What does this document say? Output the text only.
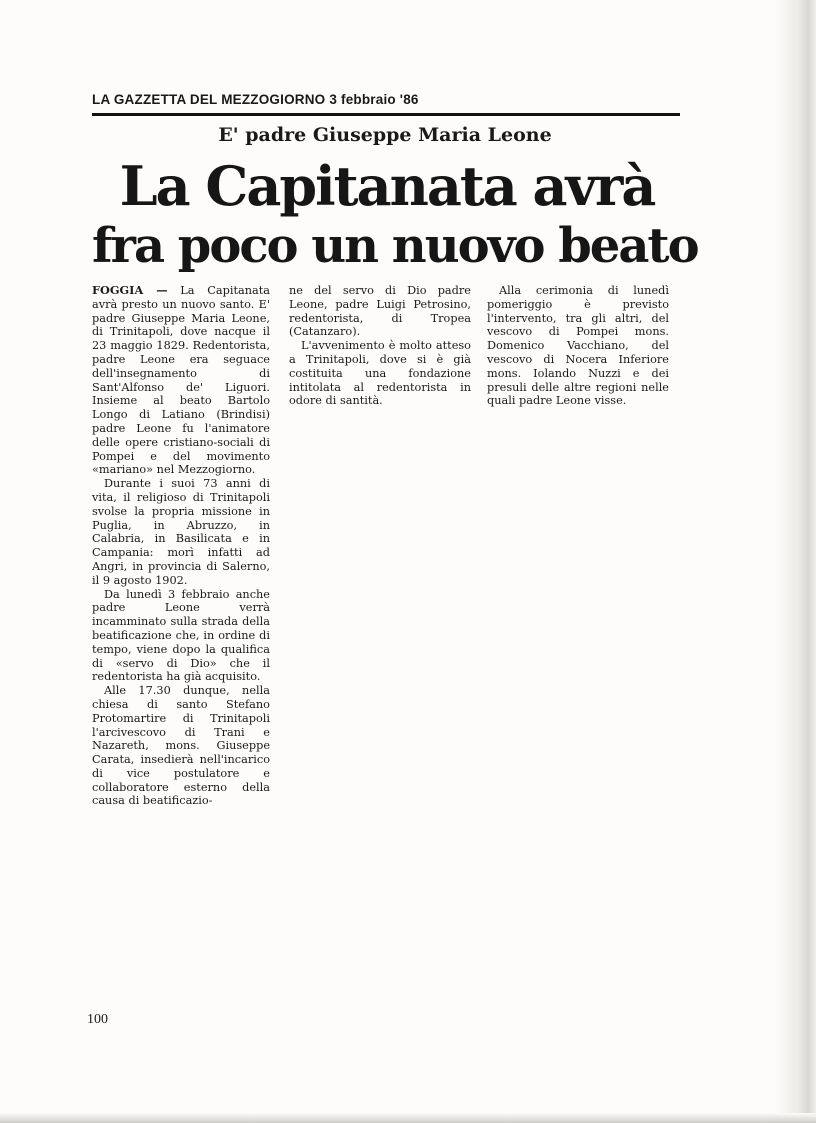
LA GAZZETTA DEL MEZZOGIORNO 3 febbraio '86
E' padre Giuseppe Maria Leone
La Capitanata avrà
fra poco un nuovo beato

FOGGIA — La Capitanata avrà presto un nuovo santo. E' padre Giuseppe Maria Leone, di Trinitapoli, dove nacque il 23 maggio 1829. Redentorista, padre Leone era seguace dell'insegnamento di Sant'Alfonso de' Liguori. Insieme al beato Bartolo Longo di Latiano (Brindisi) padre Leone fu l'animatore delle opere cristiano-sociali di Pompei e del movimento «mariano» nel Mezzogiorno.

Durante i suoi 73 anni di vita, il religioso di Trinitapoli svolse la propria missione in Puglia, in Abruzzo, in Calabria, in Basilicata e in Campania: morì infatti ad Angri, in provincia di Salerno, il 9 agosto 1902.

Da lunedì 3 febbraio anche padre Leone verrà incamminato sulla strada della beatificazione che, in ordine di tempo, viene dopo la qualifica di «servo di Dio» che il redentorista ha già acquisito.

Alle 17.30 dunque, nella chiesa di santo Stefano Protomartire di Trinitapoli l'arcivescovo di Trani e Nazareth, mons. Giuseppe Carata, insedierà nell'incarico di vice postulatore e collaboratore esterno della causa di beatificazio-

ne del servo di Dio padre Leone, padre Luigi Petrosino, redentorista, di Tropea (Catanzaro).

L'avvenimento è molto atteso a Trinitapoli, dove si è già costituita una fondazione intitolata al redentorista in odore di santità.

Alla cerimonia di lunedì pomeriggio è previsto l'intervento, tra gli altri, del vescovo di Pompei mons. Domenico Vacchiano, del vescovo di Nocera Inferiore mons. Iolando Nuzzi e dei presuli delle altre regioni nelle quali padre Leone visse.

100
